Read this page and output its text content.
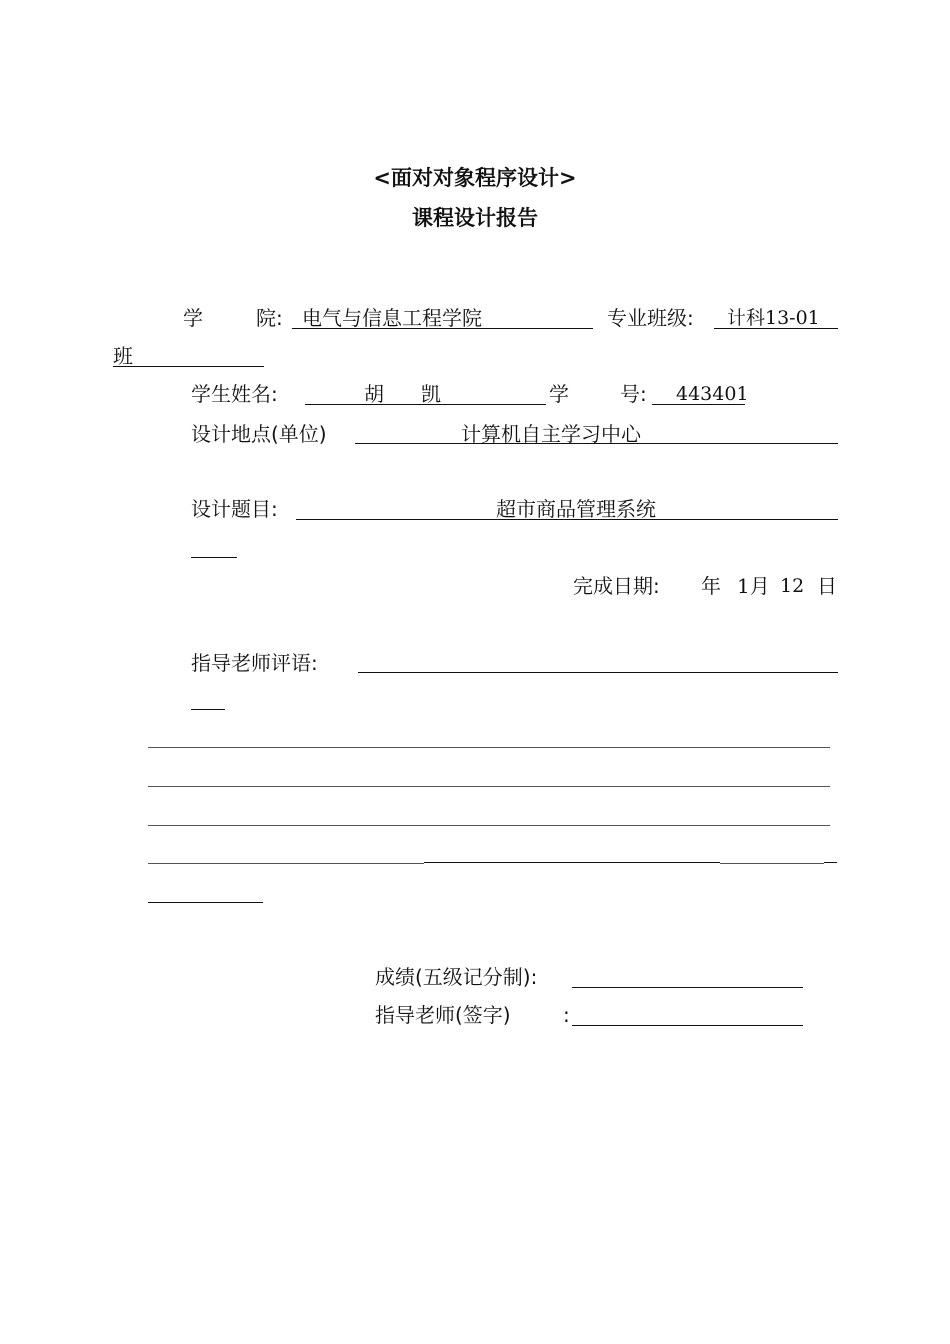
<面对对象程序设计>
课程设计报告
学	院: 电气与信息工程学院	专业班级: 计科13-01
班
学生姓名:	胡 凯	学	号: 443401
设计地点(单位)	计算机自主学习中心
设计题目:	超市商品管理系统
完成日期: 年 1月 12 日
指导老师评语:
成绩(五级记分制):
指导老师(签字)	:
